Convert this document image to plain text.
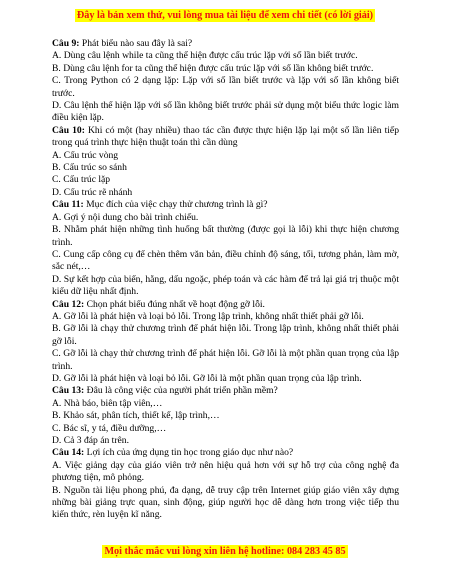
Đây là bản xem thử, vui lòng mua tài liệu để xem chi tiết (có lời giải)

Câu 9: Phát biểu nào sau đây là sai?

A. Dùng câu lệnh while ta cũng thể hiện được cấu trúc lặp với số lần biết trước.

B. Dùng câu lệnh for ta cũng thể hiện được cấu trúc lặp với số lần không biết trước.

C. Trong Python có 2 dạng lặp: Lặp với số lần biết trước và lặp với số lần không biết trước.

D. Câu lệnh thể hiện lặp với số lần không biết trước phải sử dụng một biểu thức logic làm điều kiện lặp.

Câu 10: Khi có một (hay nhiều) thao tác cần được thực hiện lặp lại một số lần liên tiếp trong quá trình thực hiện thuật toán thì cần dùng

A. Cấu trúc vòng

B. Cấu trúc so sánh

C. Cấu trúc lặp

D. Cấu trúc rẽ nhánh

Câu 11: Mục đích của việc chạy thử chương trình là gì?

A. Gợi ý nội dung cho bài trình chiếu.

B. Nhằm phát hiện những tình huống bất thường (được gọi là lỗi) khi thực hiện chương trình.

C. Cung cấp công cụ để chèn thêm văn bản, điều chỉnh độ sáng, tối, tương phản, làm mờ, sắc nét,…

D. Sự kết hợp của biến, hằng, dấu ngoặc, phép toán và các hàm để trả lại giá trị thuộc một kiểu dữ liệu nhất định.

Câu 12: Chọn phát biểu đúng nhất về hoạt động gỡ lỗi.

A. Gỡ lỗi là phát hiện và loại bỏ lỗi. Trong lập trình, không nhất thiết phải gỡ lỗi.

B. Gỡ lỗi là chạy thử chương trình để phát hiện lỗi. Trong lập trình, không nhất thiết phải gỡ lỗi.

C. Gỡ lỗi là chạy thử chương trình để phát hiện lỗi. Gỡ lỗi là một phần quan trọng của lập trình.

D. Gỡ lỗi là phát hiện và loại bỏ lỗi. Gỡ lỗi là một phần quan trọng của lập trình.

Câu 13: Đâu là công việc của người phát triển phần mềm?

A. Nhà báo, biên tập viên,…

B. Khảo sát, phân tích, thiết kế, lập trình,…

C. Bác sĩ, y tá, điều dưỡng,…

D. Cả 3 đáp án trên.

Câu 14: Lợi ích của ứng dụng tin học trong giáo dục như nào?

A. Việc giảng dạy của giáo viên trở nên hiệu quả hơn với sự hỗ trợ của công nghệ đa phương tiện, mô phỏng.

B. Nguồn tài liệu phong phú, đa dạng, dễ truy cập trên Internet giúp giáo viên xây dựng những bài giảng trực quan, sinh động, giúp người học dễ dàng hơn trong việc tiếp thu kiến thức, rèn luyện kĩ năng.

Mọi thắc mắc vui lòng xin liên hệ hotline: 084 283 45 85
